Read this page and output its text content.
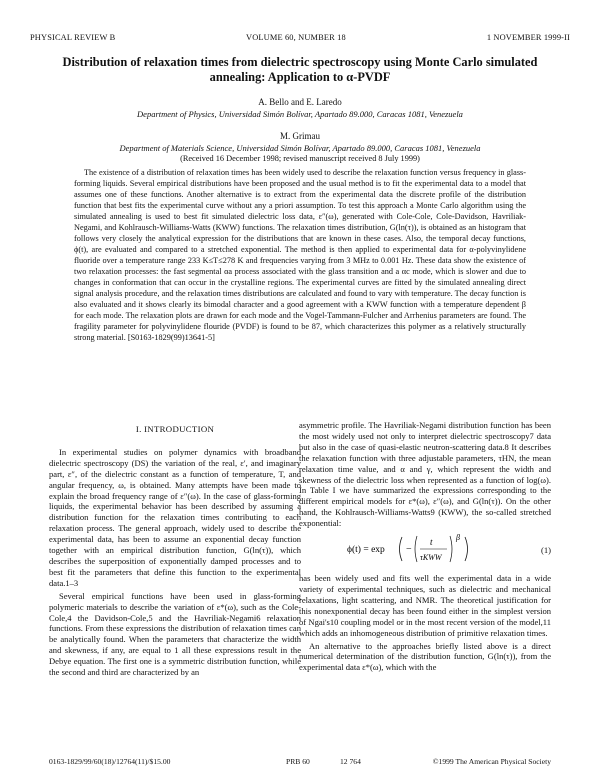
PHYSICAL REVIEW B	VOLUME 60, NUMBER 18	1 NOVEMBER 1999-II
Distribution of relaxation times from dielectric spectroscopy using Monte Carlo simulated annealing: Application to α-PVDF
A. Bello and E. Laredo
Department of Physics, Universidad Simón Bolívar, Apartado 89.000, Caracas 1081, Venezuela
M. Grimau
Department of Materials Science, Universidad Simón Bolívar, Apartado 89.000, Caracas 1081, Venezuela
(Received 16 December 1998; revised manuscript received 8 July 1999)

The existence of a distribution of relaxation times has been widely used to describe the relaxation function versus frequency in glass-forming liquids. Several empirical distributions have been proposed and the usual method is to fit the experimental data to a model that assumes one of these functions. Another alternative is to extract from the experimental data the discrete profile of the distribution function that best fits the experimental curve without any a priori assumption. To test this approach a Monte Carlo algorithm using the simulated annealing is used to best fit simulated dielectric loss data, ε″(ω), generated with Cole-Cole, Cole-Davidson, Havriliak-Negami, and Kohlrausch-Williams-Watts (KWW) functions. The relaxation times distribution, G(ln(τ)), is obtained as an histogram that follows very closely the analytical expression for the distributions that are known in these cases. Also, the temporal decay functions, ϕ(t), are evaluated and compared to a stretched exponential. The method is then applied to experimental data for α-polyvinylidene fluoride over a temperature range 233 K≤T≤278 K and frequencies varying from 3 MHz to 0.001 Hz. These data show the existence of two relaxation processes: the fast segmental αa process associated with the glass transition and a αc mode, which is slower and due to changes in conformation that can occur in the crystalline regions. The experimental curves are fitted by the simulated annealing direct signal analysis procedure, and the relaxation times distributions are calculated and found to vary with temperature. The decay function is also evaluated and it shows clearly its bimodal character and a good agreement with a KWW function with a temperature dependent β for each mode. The relaxation plots are drawn for each mode and the Vogel-Tammann-Fulcher and Arrhenius parameters are found. The fragility parameter for polyvinylidene flouride (PVDF) is found to be 87, which characterizes this polymer as a relatively structurally strong material. [S0163-1829(99)13641-5]

I. INTRODUCTION

In experimental studies on polymer dynamics with broadband dielectric spectroscopy (DS) the variation of the real, ε′, and imaginary part, ε″, of the dielectric constant as a function of temperature, T, and angular frequency, ω, is obtained. Many attempts have been made to explain the broad frequency range of ε″(ω). In the case of glass-forming liquids, the experimental behavior has been described by assuming a distribution function for the relaxation times contributing to each relaxation process. The general approach, widely used to describe the experimental data, has been to assume an exponential decay function together with an empirical distribution function, G(ln(τ)), which describes the superposition of exponentially damped processes and to best fit the parameters that define this function to the experimental data.1–3

Several empirical functions have been used in glass-forming polymeric materials to describe the variation of ε*(ω), such as the Cole-Cole,4 the Davidson-Cole,5 and the Havriliak-Negami6 relaxation functions. From these expressions the distribution of relaxation times can be analytically found. When the parameters that characterize the width and skewness, if any, are equal to 1 all these expressions result in the Debye equation. The first one is a symmetric distribution function, while the second and third are characterized by an

asymmetric profile. The Havriliak-Negami distribution function has been the most widely used not only to interpret dielectric spectroscopy7 data but also in the case of quasi-elastic neutron-scattering data.8 It describes the relaxation function with three adjustable parameters, τHN, the mean relaxation time value, and α and γ, which represent the width and skewness of the dielectric loss when represented as a function of log(ω). In Table I we have summarized the expressions corresponding to the different empirical models for ε*(ω), ε″(ω), and G(ln(τ)). On the other hand, the Kohlrausch-Williams-Watts9 (KWW), the so-called stretched exponential:

ϕ(t) = exp −
t
τKWW
β
(1)

has been widely used and fits well the experimental data in a wide variety of experimental techniques, such as dielectric and mechanical relaxations, light scattering, and NMR. The theoretical justification for this nonexponential decay has been found either in the simplest version of Ngai's10 coupling model or in the most recent version of the model,11 which adds an inhomogeneous distribution of primitive relaxation times.

An alternative to the approaches briefly listed above is a direct numerical determination of the distribution function, G(ln(τ)), from the experimental data ε*(ω), which with the

0163-1829/99/60(18)/12764(11)/$15.00	PRB 60	12 764	©1999 The American Physical Society
